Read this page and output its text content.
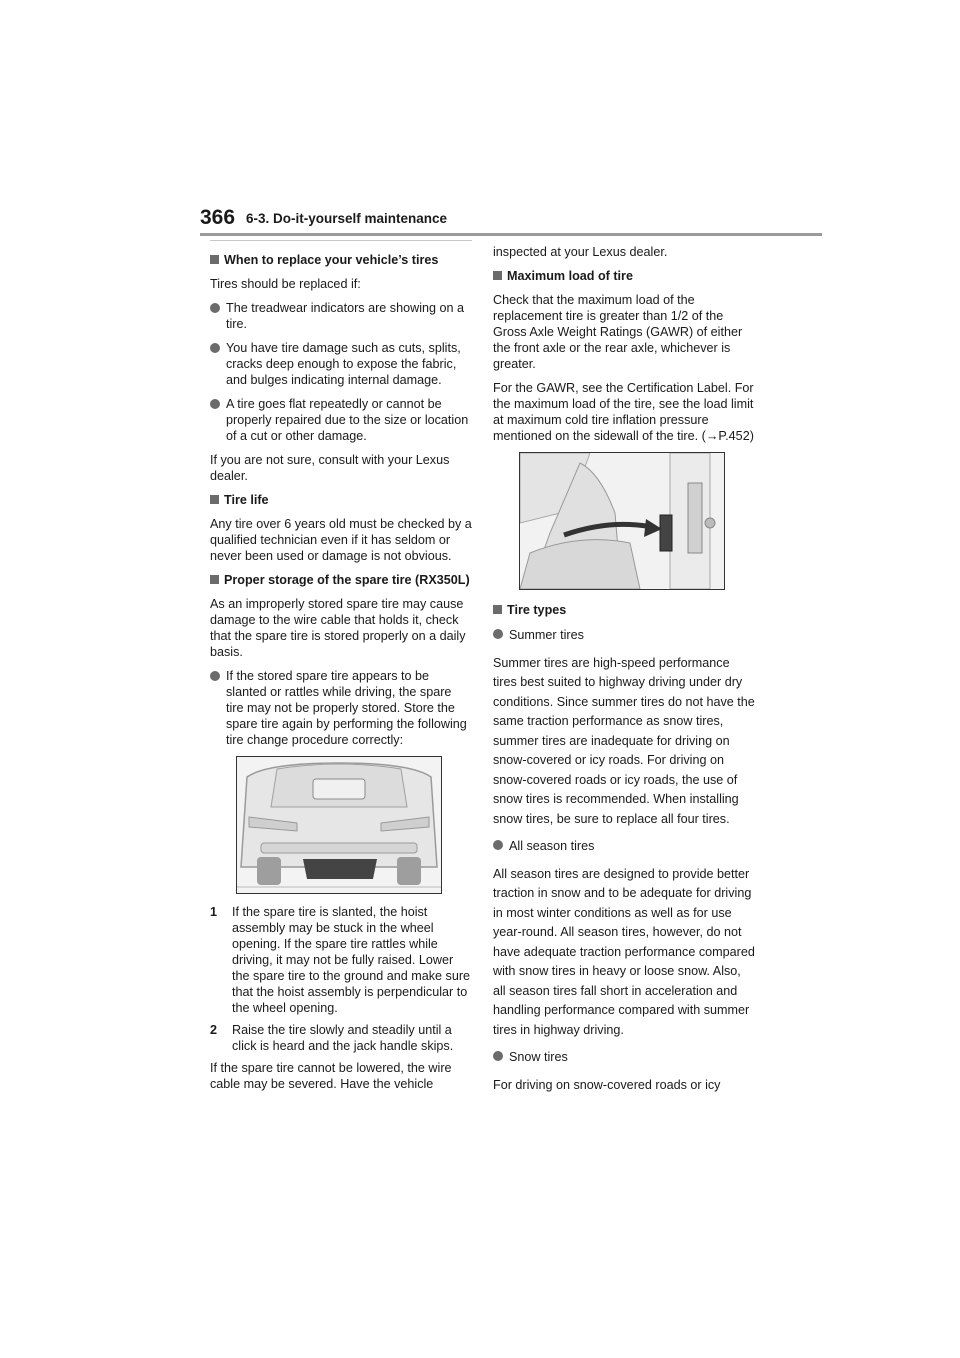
366 6-3. Do-it-yourself maintenance

When to replace your vehicle’s tires

Tires should be replaced if:

The treadwear indicators are showing on a tire.

You have tire damage such as cuts, splits, cracks deep enough to expose the fabric, and bulges indicating internal damage.

A tire goes flat repeatedly or cannot be properly repaired due to the size or location of a cut or other damage.

If you are not sure, consult with your Lexus dealer.

Tire life

Any tire over 6 years old must be checked by a qualified technician even if it has seldom or never been used or damage is not obvious.

Proper storage of the spare tire (RX350L)

As an improperly stored spare tire may cause damage to the wire cable that holds it, check that the spare tire is stored properly on a daily basis.

If the stored spare tire appears to be slanted or rattles while driving, the spare tire may not be properly stored. Store the spare tire again by performing the following tire change procedure correctly:

1 If the spare tire is slanted, the hoist assembly may be stuck in the wheel opening. If the spare tire rattles while driving, it may not be fully raised. Lower the spare tire to the ground and make sure that the hoist assembly is perpendicular to the wheel opening.

2 Raise the tire slowly and steadily until a click is heard and the jack handle skips.

If the spare tire cannot be lowered, the wire cable may be severed. Have the vehicle

inspected at your Lexus dealer.

Maximum load of tire

Check that the maximum load of the replacement tire is greater than 1/2 of the Gross Axle Weight Ratings (GAWR) of either the front axle or the rear axle, whichever is greater.

For the GAWR, see the Certification Label. For the maximum load of the tire, see the load limit at maximum cold tire inflation pressure mentioned on the sidewall of the tire. (→P.452)

Tire types

Summer tires

Summer tires are high-speed performance tires best suited to highway driving under dry conditions. Since summer tires do not have the same traction performance as snow tires, summer tires are inadequate for driving on snow-covered or icy roads. For driving on snow-covered roads or icy roads, the use of snow tires is recommended. When installing snow tires, be sure to replace all four tires.

All season tires

All season tires are designed to provide better traction in snow and to be adequate for driving in most winter conditions as well as for use year-round. All season tires, however, do not have adequate traction performance compared with snow tires in heavy or loose snow. Also, all season tires fall short in acceleration and handling performance compared with summer tires in highway driving.

Snow tires

For driving on snow-covered roads or icy
